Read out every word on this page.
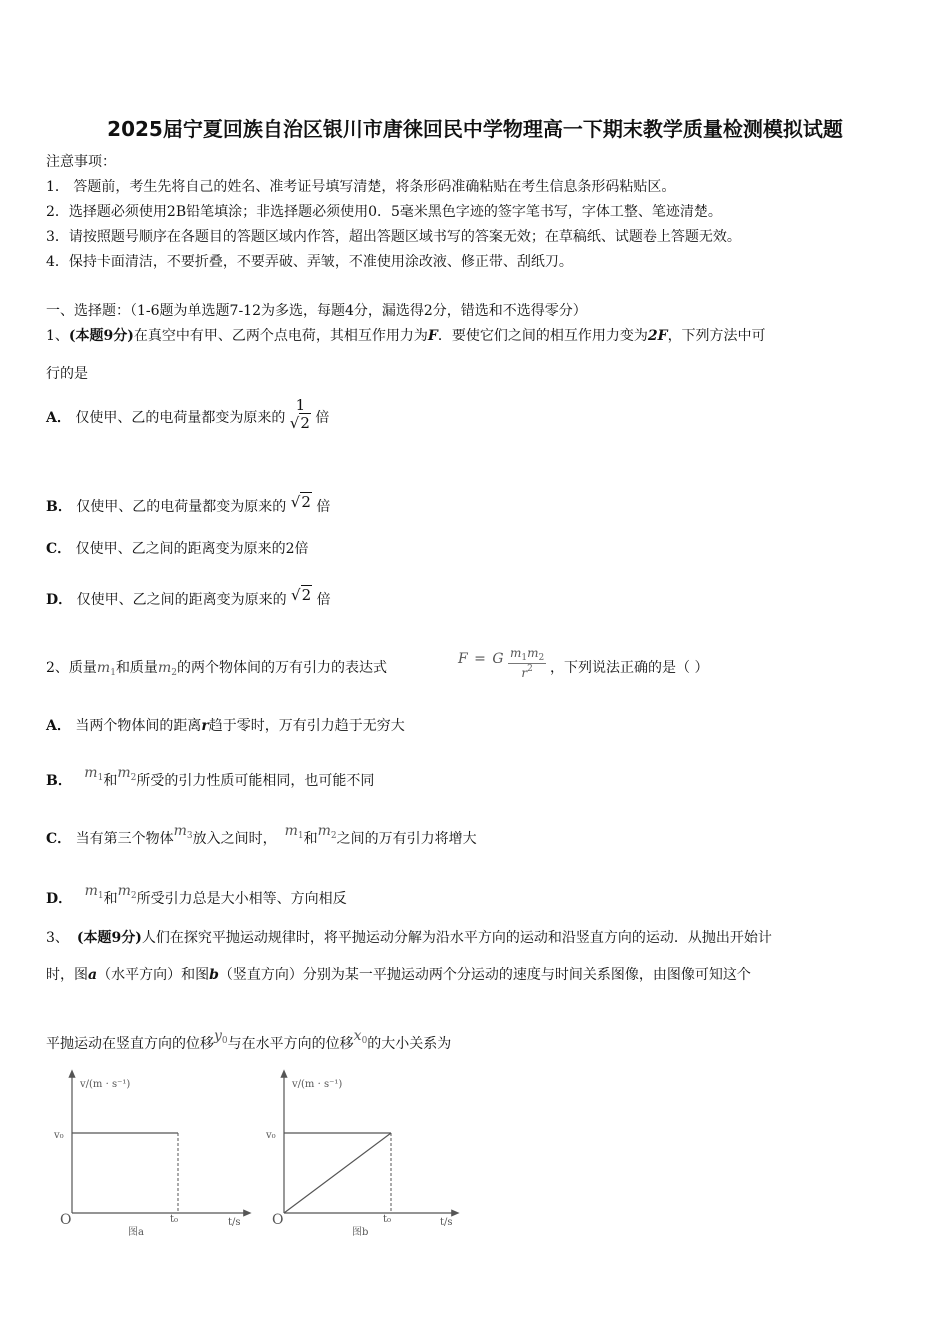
2025届宁夏回族自治区银川市唐徕回民中学物理高一下期末教学质量检测模拟试题
注意事项：
1． 答题前，考生先将自己的姓名、准考证号填写清楚，将条形码准确粘贴在考生信息条形码粘贴区。
2．选择题必须使用2B铅笔填涂；非选择题必须使用0．5毫米黑色字迹的签字笔书写，字体工整、笔迹清楚。
3．请按照题号顺序在各题目的答题区域内作答，超出答题区域书写的答案无效；在草稿纸、试题卷上答题无效。
4．保持卡面清洁，不要折叠，不要弄破、弄皱，不准使用涂改液、修正带、刮纸刀。
一、选择题：（1-6题为单选题7-12为多选，每题4分，漏选得2分，错选和不选得零分）
1、(本题9分)在真空中有甲、乙两个点电荷，其相互作用力为F．要使它们之间的相互作用力变为2F，下列方法中可
行的是
A． 仅使甲、乙的电荷量都变为原来的
1
√2 倍
B． 仅使甲、乙的电荷量都变为原来的 √2 倍
C． 仅使甲、乙之间的距离变为原来的2倍
D． 仅使甲、乙之间的距离变为原来的 √2 倍
2、质量$m_1$和质量$m_2$的两个物体间的万有引力的表达式
F = G $\frac{m_1m_2}{r^2}$ ，下列说法正确的是（ ）
A． 当两个物体间的距离r趋于零时，万有引力趋于无穷大
B． $m_1$和$m_2$所受的引力性质可能相同，也可能不同
C． 当有第三个物体$m_3$放入之间时， $m_1$和$m_2$之间的万有引力将增大
D． $m_1$和$m_2$所受引力总是大小相等、方向相反
3、 (本题9分)人们在探究平抛运动规律时，将平抛运动分解为沿水平方向的运动和沿竖直方向的运动．从抛出开始计
时，图a（水平方向）和图b（竖直方向）分别为某一平抛运动两个分运动的速度与时间关系图像，由图像可知这个
平抛运动在竖直方向的位移$y_0$与在水平方向的位移$x_0$的大小关系为
v/(m · s⁻¹)
v₀
O	t₀	t/s
图a
v/(m · s⁻¹)
v₀
O	t₀	t/s
图b
